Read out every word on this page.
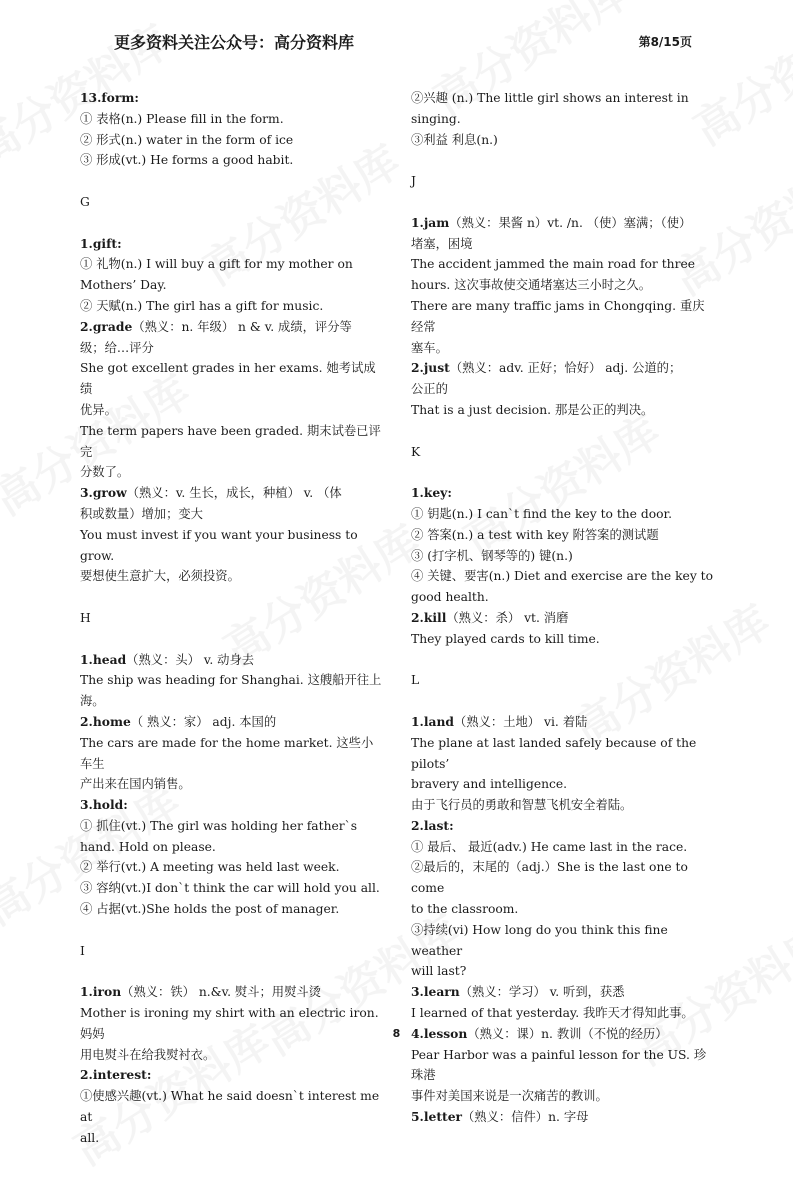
更多资料关注公众号：高分资料库	第8/15页

13.form:

① 表格(n.) Please fill in the form.

② 形式(n.) water in the form of ice

③ 形成(vt.) He forms a good habit.

G

1.gift:

① 礼物(n.) I will buy a gift for my mother on

Mothers’ Day.

② 天赋(n.) The girl has a gift for music.

2.grade（熟义：n. 年级） n & v. 成绩，评分等

级；给…评分

She got excellent grades in her exams. 她考试成绩

优异。

The term papers have been graded. 期末试卷已评完

分数了。

3.grow（熟义：v. 生长，成长，种植） v. （体

积或数量）增加；变大

You must invest if you want your business to grow.

要想使生意扩大，必须投资。

H

1.head（熟义：头） v. 动身去

The ship was heading for Shanghai. 这艘船开往上

海。

2.home（ 熟义：家） adj. 本国的

The cars are made for the home market. 这些小车生

产出来在国内销售。

3.hold:

① 抓住(vt.) The girl was holding her father`s

hand. Hold on please.

② 举行(vt.) A meeting was held last week.

③ 容纳(vt.)I don`t think the car will hold you all.

④ 占据(vt.)She holds the post of manager.

I

1.iron（熟义：铁） n.&v. 熨斗；用熨斗烫

Mother is ironing my shirt with an electric iron. 妈妈

用电熨斗在给我熨衬衣。

2.interest:

①使感兴趣(vt.) What he said doesn`t interest me at

all.

②兴趣 (n.) The little girl shows an interest in

singing.

③利益 利息(n.)

J

1.jam（熟义：果酱 n）vt. /n. （使）塞满；（使）

堵塞，困境

The accident jammed the main road for three

hours. 这次事故使交通堵塞达三小时之久。

There are many traffic jams in Chongqing. 重庆经常

塞车。

2.just（熟义：adv. 正好；恰好） adj. 公道的；

公正的

That is a just decision. 那是公正的判决。

K

1.key:

① 钥匙(n.) I can`t find the key to the door.

② 答案(n.) a test with key 附答案的测试题

③ (打字机、钢琴等的) 键(n.)

④ 关键、要害(n.) Diet and exercise are the key to

good health.

2.kill（熟义：杀） vt. 消磨

They played cards to kill time.

L

1.land（熟义：土地） vi. 着陆

The plane at last landed safely because of the pilots’

bravery and intelligence.

由于飞行员的勇敢和智慧飞机安全着陆。

2.last:

① 最后、 最近(adv.) He came last in the race.

②最后的，末尾的（adj.）She is the last one to come

to the classroom.

③持续(vi) How long do you think this fine weather

will last?

3.learn（熟义：学习） v. 听到，获悉

I learned of that yesterday. 我昨天才得知此事。

4.lesson（熟义：课）n. 教训（不悦的经历）

Pear Harbor was a painful lesson for the US. 珍珠港

事件对美国来说是一次痛苦的教训。

5.letter（熟义：信件）n. 字母

8
